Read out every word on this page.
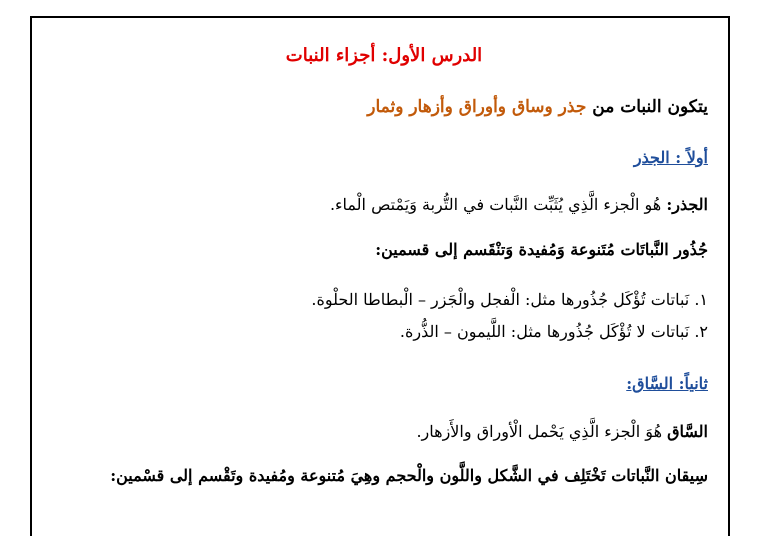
الدرس الأول: أجزاء النبات
يتكون النبات من جذر وساق وأوراق وأزهار وثمار
أولاً : الجذر
الجذر: هُو الْجزء الَّذِي يُثَبِّت النَّبات في التُّربة وَيَمْتص الْماء.
جُذُور النَّباتَات مُتَنوعة وَمُفيدة وَتنْقَسم إلى قسمين:
١. نَباتات تُؤْكَل جُذُورها مثل: الْفجل والْجَزر – الْبطاطا الحلْوة.
٢. نَباتات لا تُؤْكَل جُذُورها مثل: اللَّيمون – الذُّرة.
ثانياً: السَّاق:
السَّاق هُوَ الْجزء الَّذِي يَحْمل الْأوراق والأَزهار.
سِيقان النَّباتات تَخْتَلِف في الشَّكل واللَّون والْحجم وهِيَ مُتنوعة ومُفيدة وتَقْسم إلى قسْمين:
